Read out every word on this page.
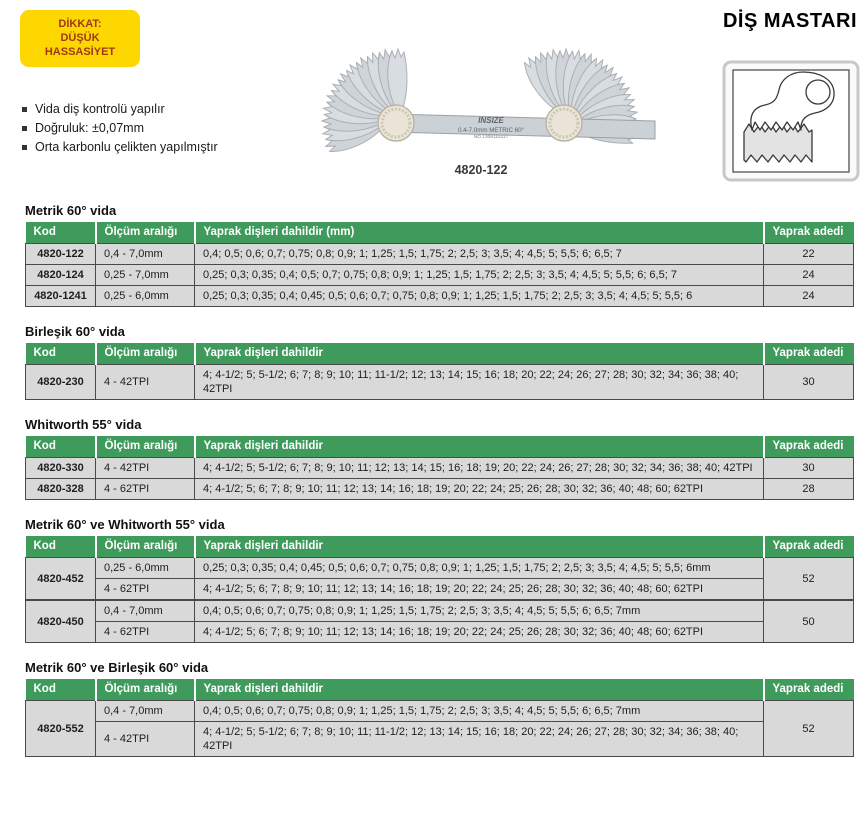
DİKKAT:
DÜŞÜK HASSASİYET
DİŞ MASTARI
Vida diş kontrolü yapılır
Doğruluk: ±0,07mm
Orta karbonlu çelikten yapılmıştır
INSIZE
0.4-7.0mm METRIC 60°
NO.1308110117
4820-122
Metrik 60° vida
Kod	Ölçüm aralığı	Yaprak dişleri dahildir (mm)	Yaprak adedi
4820-122	0,4 - 7,0mm	0,4; 0,5; 0,6; 0,7; 0,75; 0,8; 0,9; 1; 1,25; 1,5; 1,75; 2; 2,5; 3; 3,5; 4; 4,5; 5; 5,5; 6; 6,5; 7	22
4820-124	0,25 - 7,0mm	0,25; 0,3; 0,35; 0,4; 0,5; 0,7; 0,75; 0,8; 0,9; 1; 1,25; 1,5; 1,75; 2; 2,5; 3; 3,5; 4; 4,5; 5; 5,5; 6; 6,5; 7	24
4820-1241	0,25 - 6,0mm	0,25; 0,3; 0,35; 0,4; 0,45; 0,5; 0,6; 0,7; 0,75; 0,8; 0,9; 1; 1,25; 1,5; 1,75; 2; 2,5; 3; 3,5; 4; 4,5; 5; 5,5; 6	24
Birleşik 60° vida
Kod	Ölçüm aralığı	Yaprak dişleri dahildir	Yaprak adedi
4820-230	4 - 42TPI	4; 4-1/2; 5; 5-1/2; 6; 7; 8; 9; 10; 11; 11-1/2; 12; 13; 14; 15; 16; 18; 20; 22; 24; 26; 27; 28; 30; 32; 34; 36; 38; 40; 42TPI	30
Whitworth 55° vida
Kod	Ölçüm aralığı	Yaprak dişleri dahildir	Yaprak adedi
4820-330	4 - 42TPI	4; 4-1/2; 5; 5-1/2; 6; 7; 8; 9; 10; 11; 12; 13; 14; 15; 16; 18; 19; 20; 22; 24; 26; 27; 28; 30; 32; 34; 36; 38; 40; 42TPI	30
4820-328	4 - 62TPI	4; 4-1/2; 5; 6; 7; 8; 9; 10; 11; 12; 13; 14; 16; 18; 19; 20; 22; 24; 25; 26; 28; 30; 32; 36; 40; 48; 60; 62TPI	28
Metrik 60° ve Whitworth 55° vida
Kod	Ölçüm aralığı	Yaprak dişleri dahildir	Yaprak adedi
4820-452	0,25 - 6,0mm	0,25; 0,3; 0,35; 0,4; 0,45; 0,5; 0,6; 0,7; 0,75; 0,8; 0,9; 1; 1,25; 1,5; 1,75; 2; 2,5; 3; 3,5; 4; 4,5; 5; 5,5; 6mm	52
	4 - 62TPI	4; 4-1/2; 5; 6; 7; 8; 9; 10; 11; 12; 13; 14; 16; 18; 19; 20; 22; 24; 25; 26; 28; 30; 32; 36; 40; 48; 60; 62TPI	
4820-450	0,4 - 7,0mm	0,4; 0,5; 0,6; 0,7; 0,75; 0,8; 0,9; 1; 1,25; 1,5; 1,75; 2; 2,5; 3; 3,5; 4; 4,5; 5; 5,5; 6; 6,5; 7mm	50
	4 - 62TPI	4; 4-1/2; 5; 6; 7; 8; 9; 10; 11; 12; 13; 14; 16; 18; 19; 20; 22; 24; 25; 26; 28; 30; 32; 36; 40; 48; 60; 62TPI	
Metrik 60° ve Birleşik 60° vida
Kod	Ölçüm aralığı	Yaprak dişleri dahildir	Yaprak adedi
4820-552	0,4 - 7,0mm	0,4; 0,5; 0,6; 0,7; 0,75; 0,8; 0,9; 1; 1,25; 1,5; 1,75; 2; 2,5; 3; 3,5; 4; 4,5; 5; 5,5; 6; 6,5; 7mm	52
	4 - 42TPI	4; 4-1/2; 5; 5-1/2; 6; 7; 8; 9; 10; 11; 11-1/2; 12; 13; 14; 15; 16; 18; 20; 22; 24; 26; 27; 28; 30; 32; 34; 36; 38; 40; 42TPI	
